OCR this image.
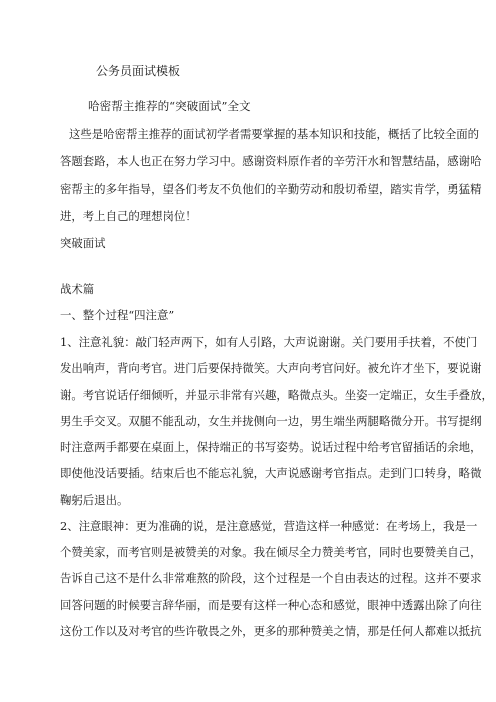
公务员面试模板
哈密帮主推荐的“突破面试”全文
这些是哈密帮主推荐的面试初学者需要掌握的基本知识和技能，概括了比较全面的
答题套路，本人也正在努力学习中。感谢资料原作者的辛劳汗水和智慧结晶，感谢哈
密帮主的多年指导，望各们考友不负他们的辛勤劳动和殷切希望，踏实肯学，勇猛精
进，考上自己的理想岗位！
突破面试
战术篇
一、整个过程“四注意”
1、注意礼貌：敲门轻声两下，如有人引路，大声说谢谢。关门要用手扶着，不使门
发出响声，背向考官。进门后要保持微笑。大声向考官问好。被允许才坐下，要说谢
谢。考官说话仔细倾听，并显示非常有兴趣，略微点头。坐姿一定端正，女生手叠放，
男生手交叉。双腿不能乱动，女生并拢侧向一边，男生端坐两腿略微分开。书写提纲
时注意两手都要在桌面上，保持端正的书写姿势。说话过程中给考官留插话的余地，
即使他没话要插。结束后也不能忘礼貌，大声说感谢考官指点。走到门口转身，略微
鞠躬后退出。
2、注意眼神：更为准确的说，是注意感觉，营造这样一种感觉：在考场上，我是一
个赞美家，而考官则是被赞美的对象。我在倾尽全力赞美考官，同时也要赞美自己，
告诉自己这不是什么非常难熬的阶段，这个过程是一个自由表达的过程。这并不要求
回答问题的时候要言辞华丽，而是要有这样一种心态和感觉，眼神中透露出除了向往
这份工作以及对考官的些许敬畏之外，更多的那种赞美之情，那是任何人都难以抵抗
